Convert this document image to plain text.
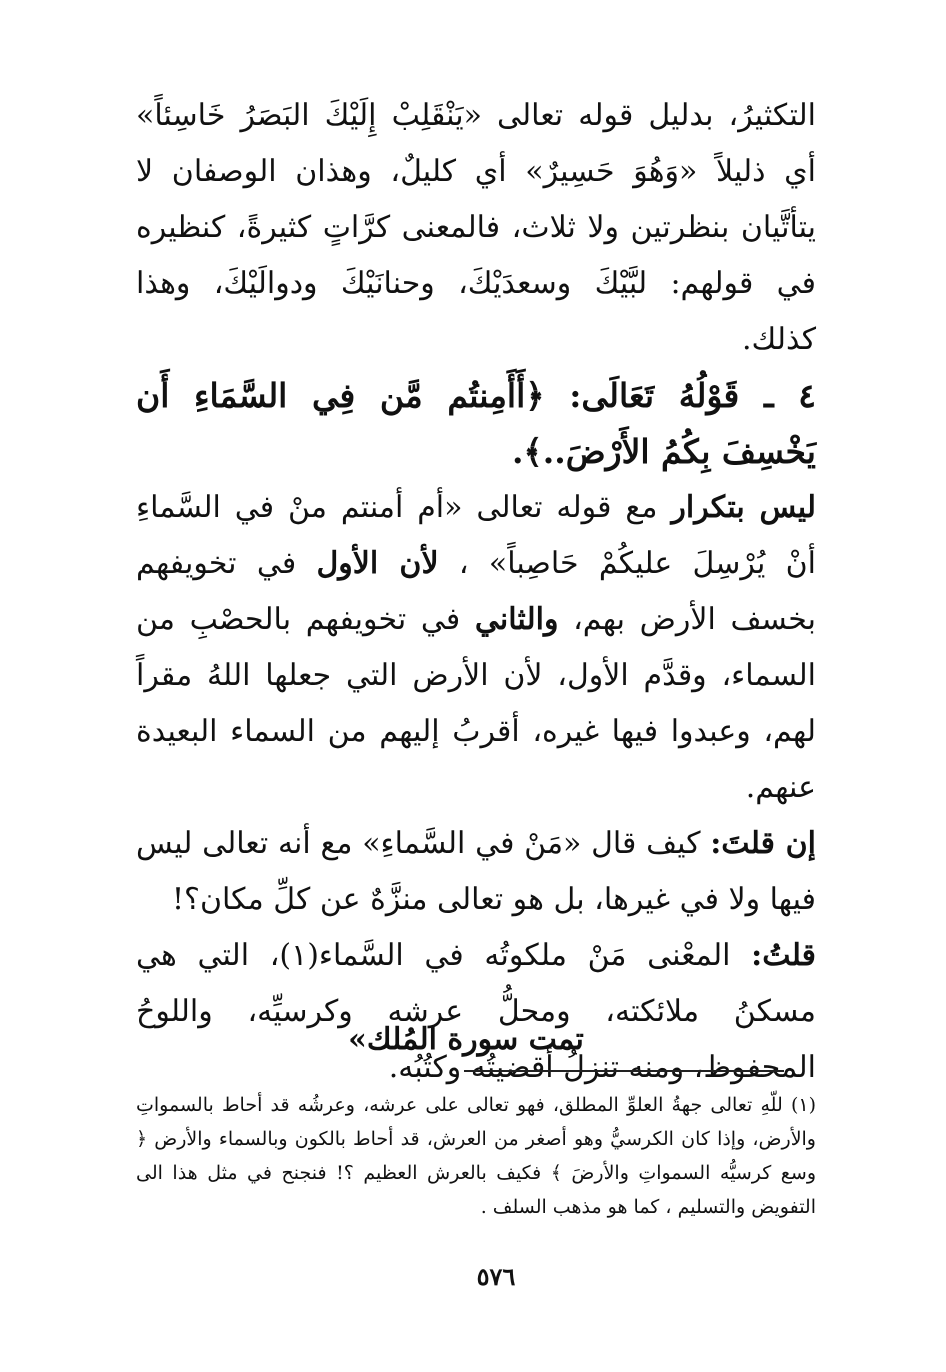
التكثيرُ، بدليل قوله تعالى «يَنْقَلِبْ إِلَيْكَ البَصَرُ خَاسِئاً» أي ذليلاً «وَهُوَ حَسِيرٌ» أي كليلٌ، وهذان الوصفان لا يتأتَّيان بنظرتين ولا ثلاث، فالمعنى كرَّاتٍ كثيرةً، كنظيره في قولهم: لبَّيْكَ وسعدَيْكَ، وحنانَيْكَ ودوالَيْكَ، وهذا كذلك.

٤ ـ قَوْلُهُ تَعَالَى: ﴿أَأَمِنتُم مَّن فِي السَّمَاءِ أَن يَخْسِفَ بِكُمُ الأَرْضَ..﴾.

ليس بتكرار مع قوله تعالى «أم أمنتم منْ في السَّماءِ أنْ يُرْسِلَ عليكُمْ حَاصِباً» ، لأن الأول في تخويفهم بخسف الأرض بهم، والثاني في تخويفهم بالحصْبِ من السماء، وقدَّم الأول، لأن الأرض التي جعلها اللهُ مقراً لهم، وعبدوا فيها غيره، أقربُ إليهم من السماء البعيدة عنهم.

إن قلتَ: كيف قال «مَنْ في السَّماءِ» مع أنه تعالى ليس فيها ولا في غيرها، بل هو تعالى منزَّهٌ عن كلِّ مكان؟!

قلتُ: المعْنى مَنْ ملكوتُه في السَّماء(١)، التي هي مسكنُ ملائكته، ومحلُّ عرشه وكرسيِّه، واللوحُ المحفوظ، ومنه تنزلُ أقضيتُه وكتُبُه.

تمت سورة المُلك»

(١) للّهِ تعالى جهةُ العلوِّ المطلق، فهو تعالى على عرشه، وعرشُه قد أحاط بالسمواتِ والأرض، وإذا كان الكرسيُّ وهو أصغر من العرش، قد أحاط بالكون وبالسماء والأرض ﴿ وسع كرسيُّه السمواتِ والأرضَ ﴾ فكيف بالعرش العظيم ؟! فنجنح في مثل هذا الى التفويض والتسليم ، كما هو مذهب السلف .

٥٧٦
